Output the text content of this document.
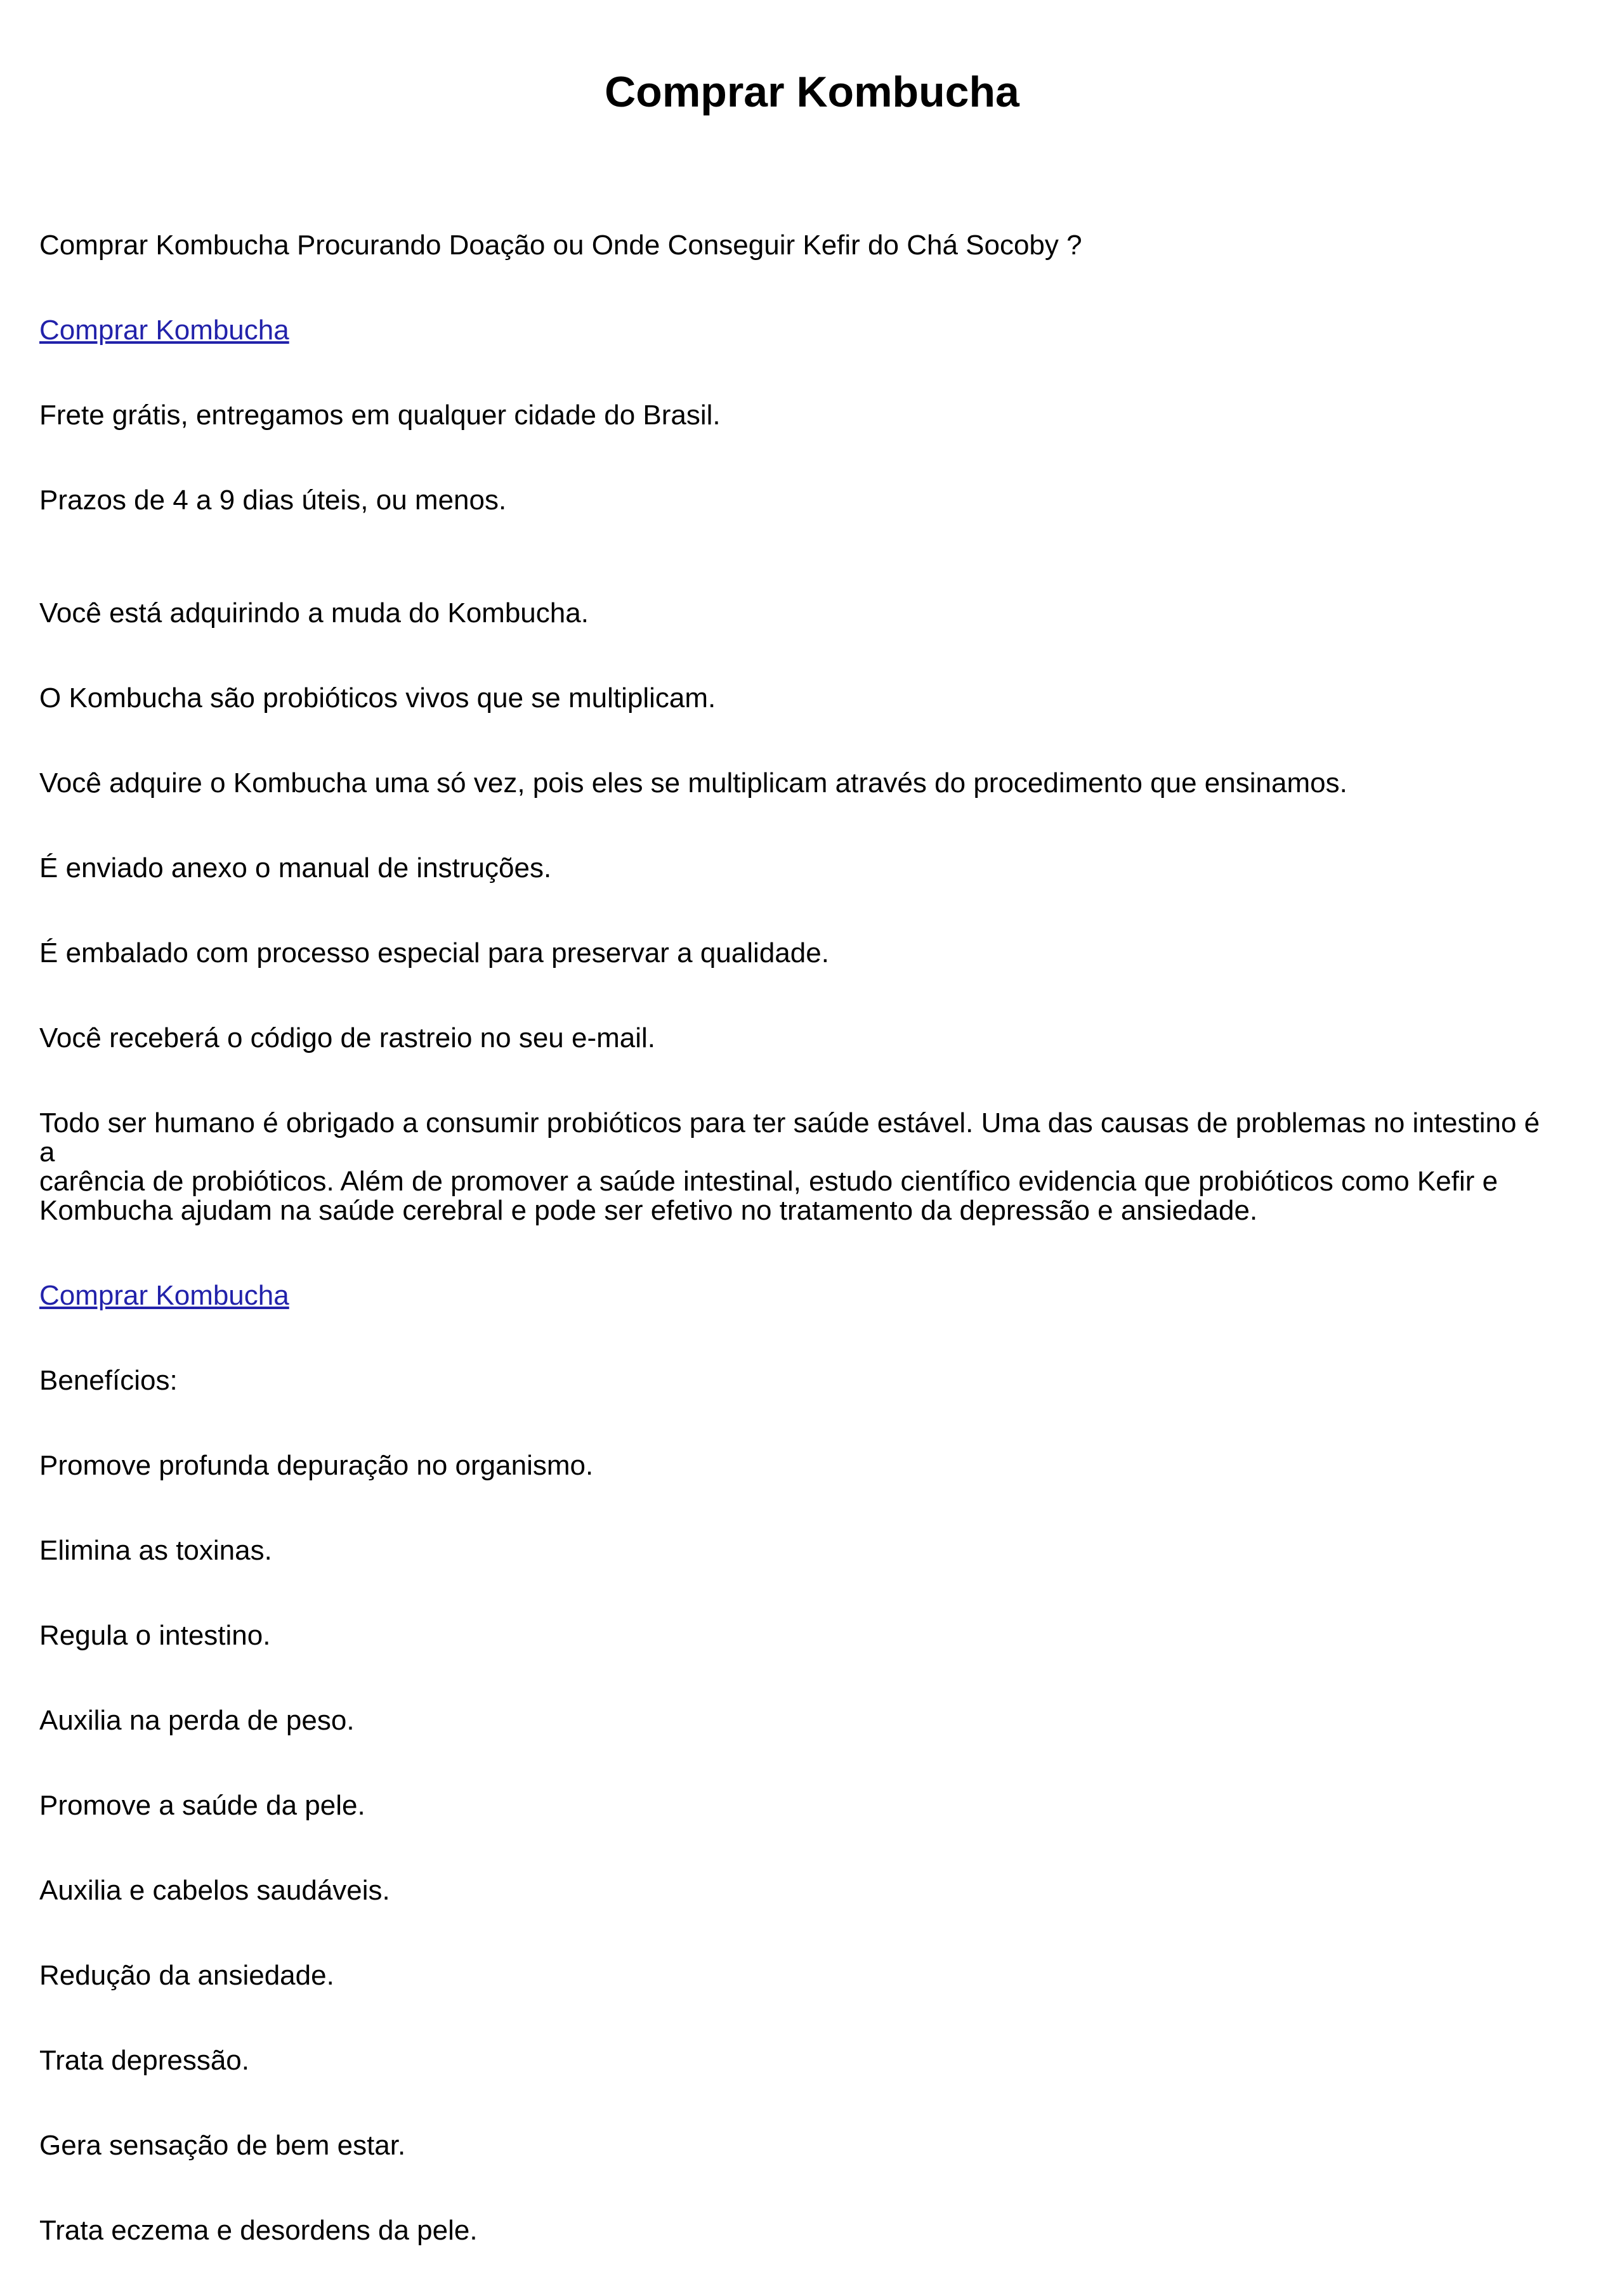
Comprar Kombucha

Comprar Kombucha Procurando Doação ou Onde Conseguir Kefir do Chá Socoby ?

Comprar Kombucha

Frete grátis, entregamos em qualquer cidade do Brasil.

Prazos de 4 a 9 dias úteis, ou menos.

Você está adquirindo a muda do Kombucha.

O Kombucha são probióticos vivos que se multiplicam.

Você adquire o Kombucha uma só vez, pois eles se multiplicam através do procedimento que ensinamos.

É enviado anexo o manual de instruções.

É embalado com processo especial para preservar a qualidade.

Você receberá o código de rastreio no seu e-mail.

Todo ser humano é obrigado a consumir probióticos para ter saúde estável. Uma das causas de problemas no intestino é a
carência de probióticos. Além de promover a saúde intestinal, estudo científico evidencia que probióticos como Kefir e
Kombucha ajudam na saúde cerebral e pode ser efetivo no tratamento da depressão e ansiedade.

Comprar Kombucha

Benefícios:

Promove profunda depuração no organismo.

Elimina as toxinas.

Regula o intestino.

Auxilia na perda de peso.

Promove a saúde da pele.

Auxilia e cabelos saudáveis.

Redução da ansiedade.

Trata depressão.

Gera sensação de bem estar.

Trata eczema e desordens da pele.
